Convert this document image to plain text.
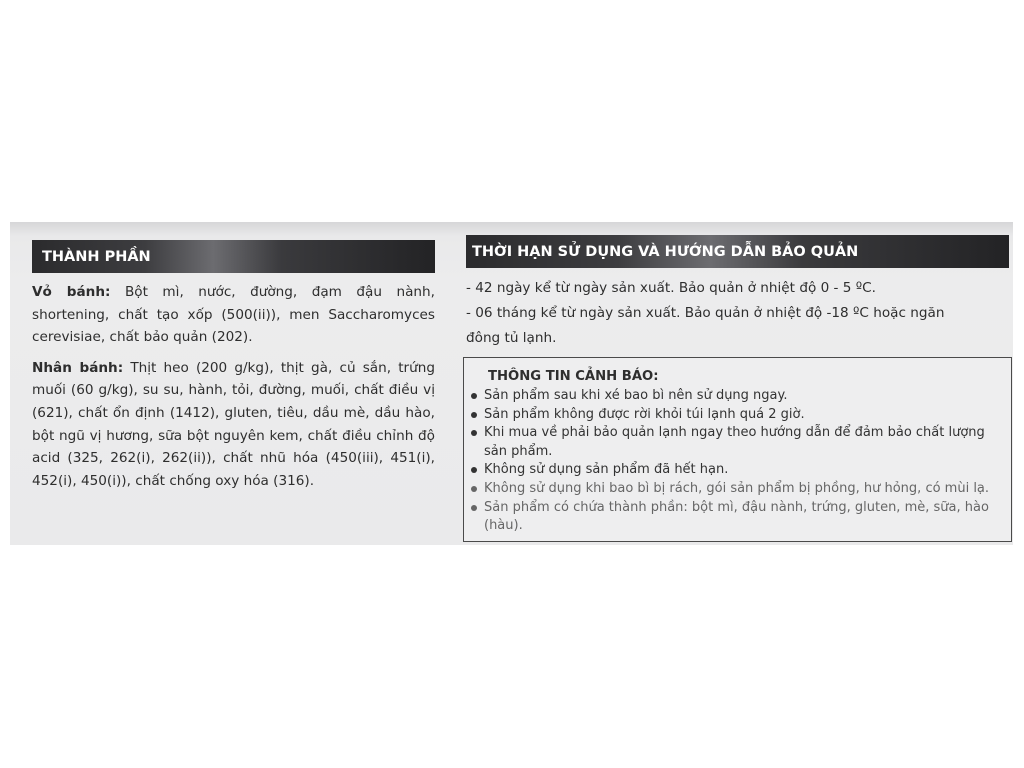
THÀNH PHẦN

Vỏ bánh: Bột mì, nước, đường, đạm đậu nành, shortening, chất tạo xốp (500(ii)), men Saccharomyces cerevisiae, chất bảo quản (202).

Nhân bánh: Thịt heo (200 g/kg), thịt gà, củ sắn, trứng muối (60 g/kg), su su, hành, tỏi, đường, muối, chất điều vị (621), chất ổn định (1412), gluten, tiêu, dầu mè, dầu hào, bột ngũ vị hương, sữa bột nguyên kem, chất điều chỉnh độ acid (325, 262(i), 262(ii)), chất nhũ hóa (450(iii), 451(i), 452(i), 450(i)), chất chống oxy hóa (316).

THỜI HẠN SỬ DỤNG VÀ HƯỚNG DẪN BẢO QUẢN
- 42 ngày kể từ ngày sản xuất. Bảo quản ở nhiệt độ 0 - 5 ºC.
- 06 tháng kể từ ngày sản xuất. Bảo quản ở nhiệt độ -18 ºC hoặc ngăn
đông tủ lạnh.
THÔNG TIN CẢNH BÁO:
Sản phẩm sau khi xé bao bì nên sử dụng ngay.
Sản phẩm không được rời khỏi túi lạnh quá 2 giờ.
Khi mua về phải bảo quản lạnh ngay theo hướng dẫn để đảm bảo chất lượng sản phẩm.
Không sử dụng sản phẩm đã hết hạn.
Không sử dụng khi bao bì bị rách, gói sản phẩm bị phồng, hư hỏng, có mùi lạ.
Sản phẩm có chứa thành phần: bột mì, đậu nành, trứng, gluten, mè, sữa, hào (hàu).
